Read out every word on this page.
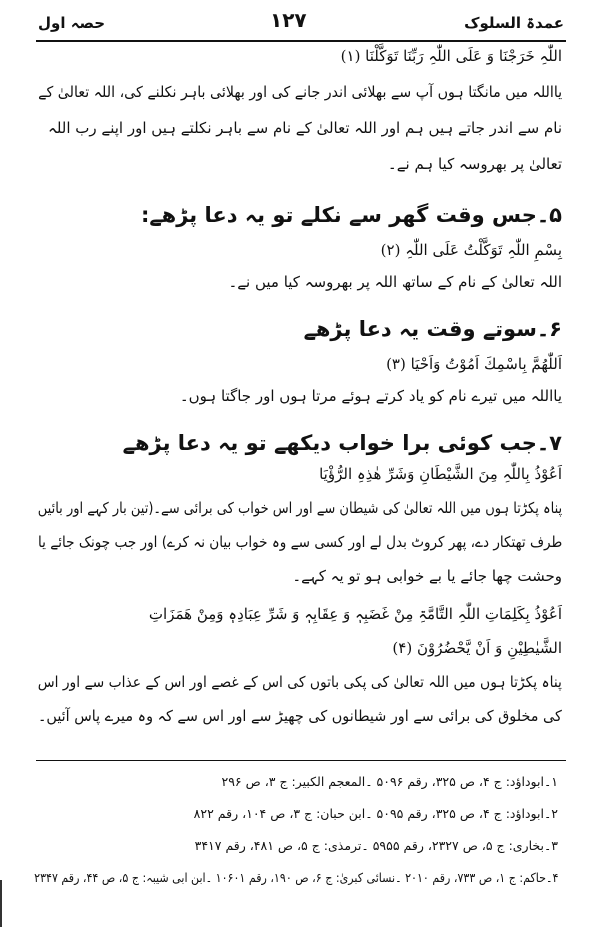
حصہ اول	۱۲۷	عمدۃ السلوک
اللّٰہِ خَرَجْنَا وَ عَلَی اللّٰہِ رَبِّنَا تَوَکَّلْنَا (۱)
یااللہ میں مانگتا ہوں آپ سے بھلائی اندر جانے کی اور بھلائی باہر نکلنے کی، اللہ تعالیٰ کے
نام سے اندر جاتے ہیں ہم اور اللہ تعالیٰ کے نام سے باہر نکلتے ہیں اور اپنے رب اللہ
تعالیٰ پر بھروسہ کیا ہم نے۔
۵۔جس وقت گھر سے نکلے تو یہ دعا پڑھے:
بِسْمِ اللّٰہِ تَوَکَّلْتُ عَلَی اللّٰہِ (۲)
اللہ تعالیٰ کے نام کے ساتھ اللہ پر بھروسہ کیا میں نے۔
۶۔سوتے وقت یہ دعا پڑھے
اَللّٰھُمَّ بِاسْمِكَ اَمُوْتُ وَاَحْیَا (۳)
یااللہ میں تیرے نام کو یاد کرتے ہوئے مرتا ہوں اور جاگتا ہوں۔
۷۔جب کوئی برا خواب دیکھے تو یہ دعا پڑھے
اَعُوْذُ بِاللّٰہِ مِنَ الشَّیْطَانِ وَشَرِّ ھٰذِہِ الرُّؤْیَا
پناہ پکڑتا ہوں میں اللہ تعالیٰ کی شیطان سے اور اس خواب کی برائی سے۔(تین بار کہے اور بائیں
طرف تھتکار دے، پھر کروٹ بدل لے اور کسی سے وہ خواب بیان نہ کرے) اور جب چونک جائے یا
وحشت چھا جائے یا بے خوابی ہو تو یہ کہے۔
اَعُوْذُ بِكَلِمَاتِ اللّٰہِ التَّامَّۃِ مِنْ غَضَبِہٖ وَ عِقَابِہٖ وَ شَرِّ عِبَادِہٖ وَمِنْ ھَمَزَاتِ
الشَّیٰطِیْنِ وَ اَنْ یَّحْضُرُوْنَ (۴)
پناہ پکڑتا ہوں میں اللہ تعالیٰ کی پکی باتوں کی اس کے غصے اور اس کے عذاب سے اور اس
کی مخلوق کی برائی سے اور شیطانوں کی چھیڑ سے اور اس سے کہ وہ میرے پاس آئیں۔
۱۔ابوداؤد: ج ۴، ص ۳۲۵، رقم ۵۰۹۶ ۔المعجم الکبیر: ج ۳، ص ۲۹۶
۲۔ابوداؤد: ج ۴، ص ۳۲۵، رقم ۵۰۹۵ ۔ابن حبان: ج ۳، ص ۱۰۴، رقم ۸۲۲
۳۔بخاری: ج ۵، ص ۲۳۲۷، رقم ۵۹۵۵ ۔ترمذی: ج ۵، ص ۴۸۱، رقم ۳۴۱۷
۴۔حاکم: ج ۱، ص ۷۳۳، رقم ۲۰۱۰ ۔نسائی کبریٰ: ج ۶، ص ۱۹۰، رقم ۱۰۶۰۱ ۔ابن ابی شیبہ: ج ۵، ص ۴۴، رقم ۲۳۴۷
